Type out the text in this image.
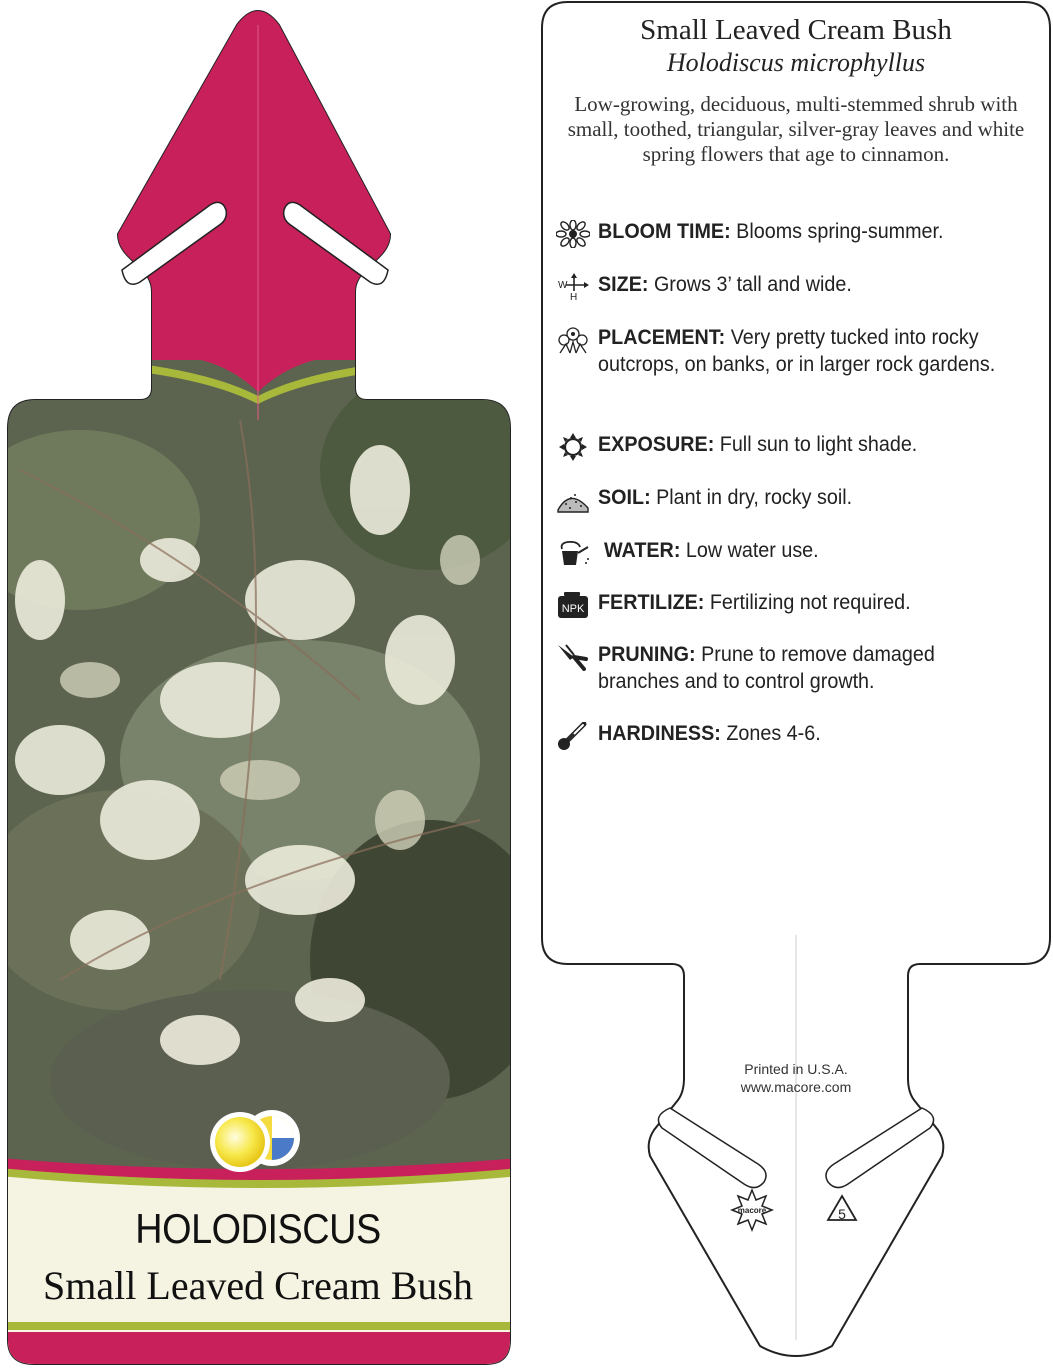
HOLODISCUS
Small Leaved Cream Bush
macore	5
Small Leaved Cream Bush
Holodiscus microphyllus
Low-growing, deciduous, multi-stemmed shrub with small, toothed, triangular, silver-gray leaves and white spring flowers that age to cinnamon.
BLOOM TIME: Blooms spring-summer.
W
H
SIZE: Grows 3’ tall and wide.
PLACEMENT: Very pretty tucked into rocky outcrops, on banks, or in larger rock gardens.
EXPOSURE: Full sun to light shade.
SOIL: Plant in dry, rocky soil.
WATER: Low water use.
NPK FERTILIZE: Fertilizing not required.
PRUNING: Prune to remove damaged branches and to control growth.
HARDINESS: Zones 4-6.
Printed in U.S.A.
www.macore.com
